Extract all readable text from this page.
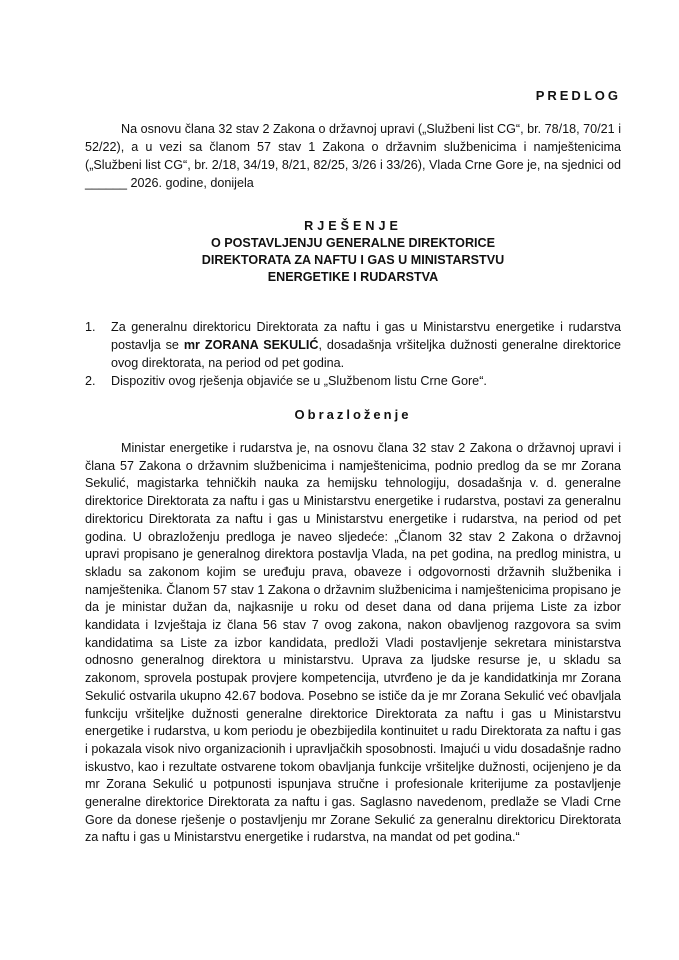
PREDLOG
Na osnovu člana 32 stav 2 Zakona o državnoj upravi („Službeni list CG“, br. 78/18, 70/21 i 52/22), a u vezi sa članom 57 stav 1 Zakona o državnim službenicima i namještenicima („Službeni list CG“, br. 2/18, 34/19, 8/21, 82/25, 3/26 i 33/26), Vlada Crne Gore je, na sjednici od ______ 2026. godine, donijela
RJEŠENJE
O POSTAVLJENJU GENERALNE DIREKTORICE
DIREKTORATA ZA NAFTU I GAS U MINISTARSTVU
ENERGETIKE I RUDARSTVA
1.	Za generalnu direktoricu Direktorata za naftu i gas u Ministarstvu energetike i rudarstva postavlja se mr ZORANA SEKULIĆ, dosadašnja vršiteljka dužnosti generalne direktorice ovog direktorata, na period od pet godina.
2.	Dispozitiv ovog rješenja objaviće se u „Službenom listu Crne Gore“.
Obrazloženje
Ministar energetike i rudarstva je, na osnovu člana 32 stav 2 Zakona o državnoj upravi i člana 57 Zakona o državnim službenicima i namještenicima, podnio predlog da se mr Zorana Sekulić, magistarka tehničkih nauka za hemijsku tehnologiju, dosadašnja v. d. generalne direktorice Direktorata za naftu i gas u Ministarstvu energetike i rudarstva, postavi za generalnu direktoricu Direktorata za naftu i gas u Ministarstvu energetike i rudarstva, na period od pet godina. U obrazloženju predloga je naveo sljedeće: „Članom 32 stav 2 Zakona o državnoj upravi propisano je generalnog direktora postavlja Vlada, na pet godina, na predlog ministra, u skladu sa zakonom kojim se uređuju prava, obaveze i odgovornosti državnih službenika i namještenika. Članom 57 stav 1 Zakona o državnim službenicima i namještenicima propisano je da je ministar dužan da, najkasnije u roku od deset dana od dana prijema Liste za izbor kandidata i Izvještaja iz člana 56 stav 7 ovog zakona, nakon obavljenog razgovora sa svim kandidatima sa Liste za izbor kandidata, predloži Vladi postavljenje sekretara ministarstva odnosno generalnog direktora u ministarstvu. Uprava za ljudske resurse je, u skladu sa zakonom, sprovela postupak provjere kompetencija, utvrđeno je da je kandidatkinja mr Zorana Sekulić ostvarila ukupno 42.67 bodova. Posebno se ističe da je mr Zorana Sekulić već obavljala funkciju vršiteljke dužnosti generalne direktorice Direktorata za naftu i gas u Ministarstvu energetike i rudarstva, u kom periodu je obezbijedila kontinuitet u radu Direktorata za naftu i gas i pokazala visok nivo organizacionih i upravljačkih sposobnosti. Imajući u vidu dosadašnje radno iskustvo, kao i rezultate ostvarene tokom obavljanja funkcije vršiteljke dužnosti, ocijenjeno je da mr Zorana Sekulić u potpunosti ispunjava stručne i profesionale kriterijume za postavljenje generalne direktorice Direktorata za naftu i gas. Saglasno navedenom, predlaže se Vladi Crne Gore da donese rješenje o postavljenju mr Zorane Sekulić za generalnu direktoricu Direktorata za naftu i gas u Ministarstvu energetike i rudarstva, na mandat od pet godina.“
